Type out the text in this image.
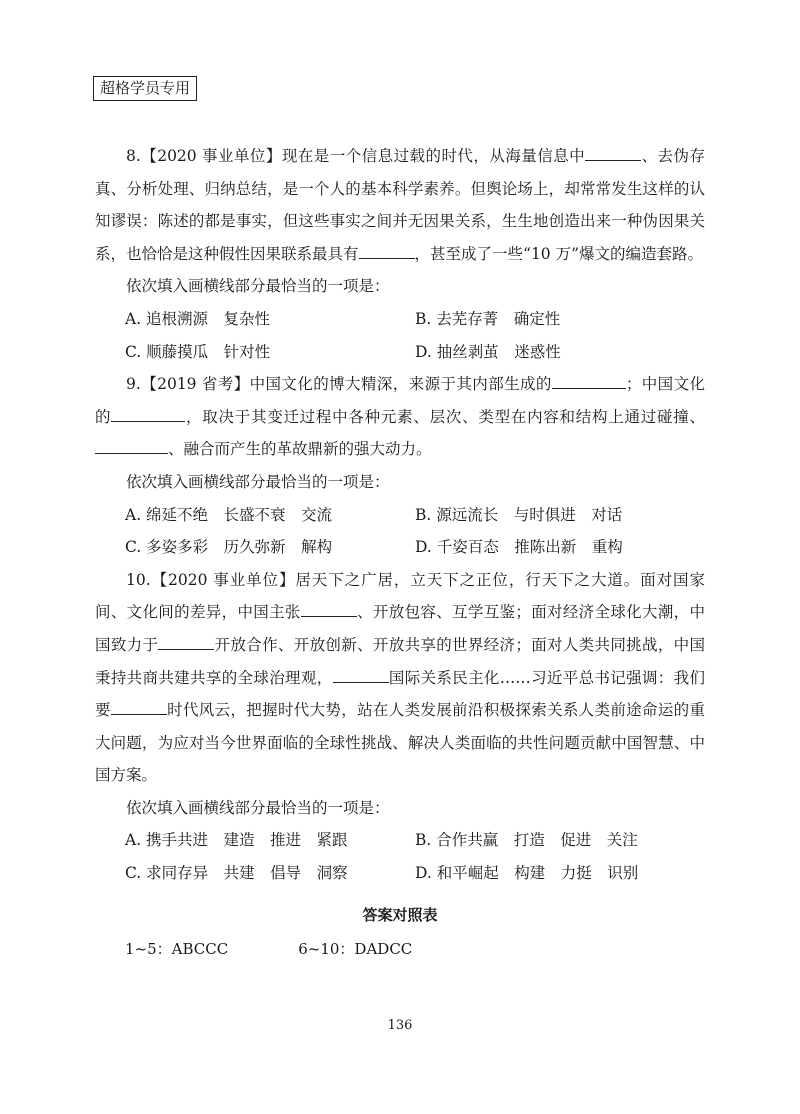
超格学员专用

8.【2020 事业单位】现在是一个信息过载的时代，从海量信息中	、去伪存真、分析处理、归纳总结，是一个人的基本科学素养。但舆论场上，却常常发生这样的认知谬误：陈述的都是事实，但这些事实之间并无因果关系，生生地创造出来一种伪因果关系，也恰恰是这种假性因果联系最具有	，甚至成了一些“10 万”爆文的编造套路。

依次填入画横线部分最恰当的一项是：

A. 追根溯源　复杂性	B. 去芜存菁　确定性
C. 顺藤摸瓜　针对性	D. 抽丝剥茧　迷惑性

9.【2019 省考】中国文化的博大精深，来源于其内部生成的	；中国文化的	，取决于其变迁过程中各种元素、层次、类型在内容和结构上通过碰撞、、融合而产生的革故鼎新的强大动力。

依次填入画横线部分最恰当的一项是：

A. 绵延不绝　长盛不衰　交流	B. 源远流长　与时俱进　对话
C. 多姿多彩　历久弥新　解构	D. 千姿百态　推陈出新　重构

10.【2020 事业单位】居天下之广居，立天下之正位，行天下之大道。面对国家间、文化间的差异，中国主张	、开放包容、互学互鉴；面对经济全球化大潮，中国致力于	开放合作、开放创新、开放共享的世界经济；面对人类共同挑战，中国秉持共商共建共享的全球治理观，	国际关系民主化……习近平总书记强调：我们要	时代风云，把握时代大势，站在人类发展前沿积极探索关系人类前途命运的重大问题，为应对当今世界面临的全球性挑战、解决人类面临的共性问题贡献中国智慧、中国方案。

依次填入画横线部分最恰当的一项是：

A. 携手共进　建造　推进　紧跟	B. 合作共赢　打造　促进　关注
C. 求同存异　共建　倡导　洞察	D. 和平崛起　构建　力挺　识别
答案对照表
1~5：ABCCC	6~10：DADCC
136
